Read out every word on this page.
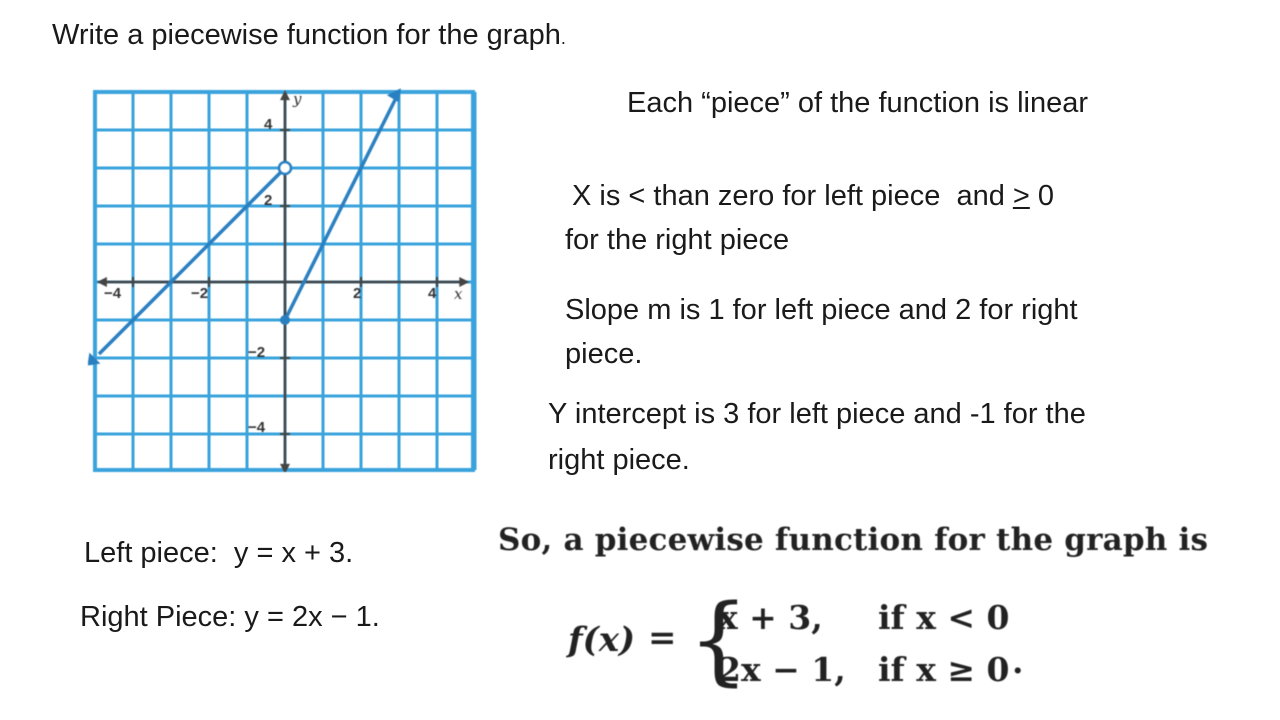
Write a piecewise function for the graph.
Each “piece” of the function is linear
X is < than zero for left piece  and ≥ 0
for the right piece
Slope m is 1 for left piece and 2 for right
piece.
Y intercept is 3 for left piece and -1 for the
right piece.
Left piece:  y = x + 3.
Right Piece: y = 2x − 1.
So, a piecewise function for the graph is
f(x) = {
x + 3, if x < 0
2x − 1, if x ≥ 0 .
x
y
−4	−2	2	4
4
2
−2
−4
